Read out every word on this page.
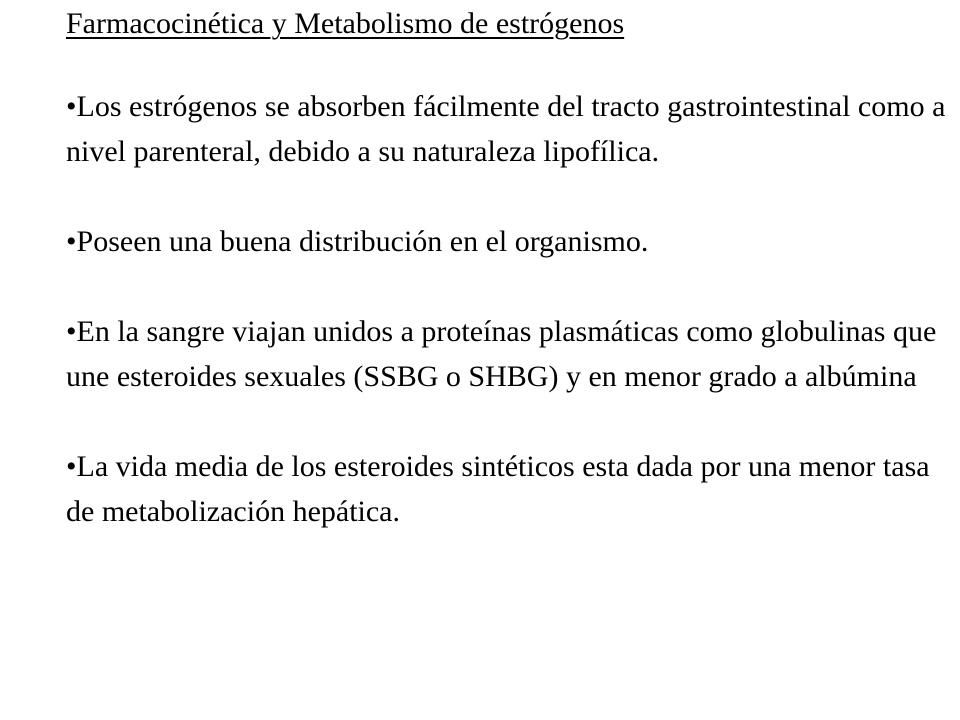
Farmacocinética y Metabolismo de estrógenos
•Los estrógenos se absorben fácilmente del tracto gastrointestinal como a nivel parenteral, debido a su naturaleza lipofílica.
•Poseen una buena distribución en el organismo.
•En la sangre viajan unidos a proteínas plasmáticas como globulinas que une esteroides sexuales (SSBG o SHBG) y en menor grado a albúmina
•La vida media de los esteroides sintéticos esta dada por una menor tasa de metabolización hepática.
